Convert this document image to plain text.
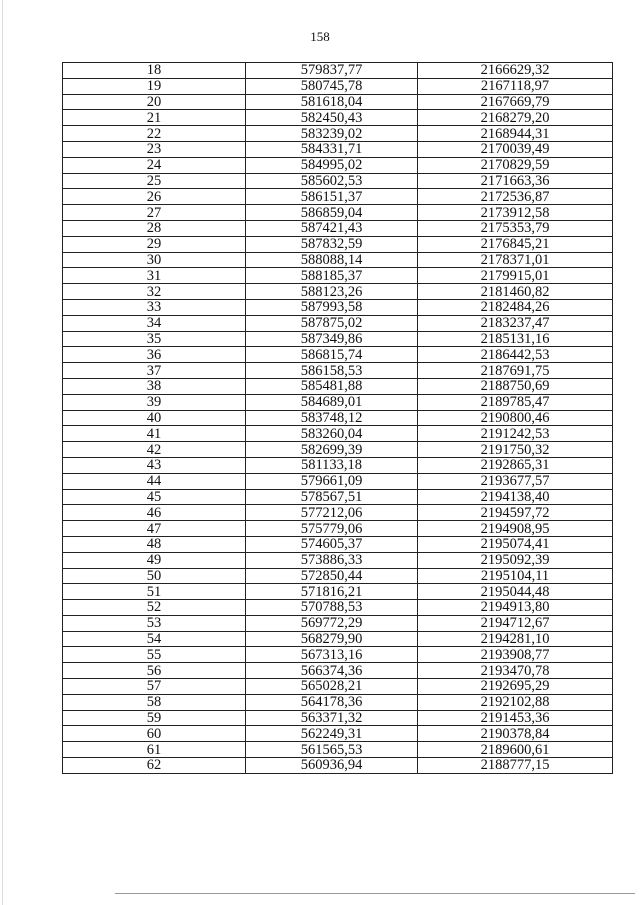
158
18	579837,77	2166629,32
19	580745,78	2167118,97
20	581618,04	2167669,79
21	582450,43	2168279,20
22	583239,02	2168944,31
23	584331,71	2170039,49
24	584995,02	2170829,59
25	585602,53	2171663,36
26	586151,37	2172536,87
27	586859,04	2173912,58
28	587421,43	2175353,79
29	587832,59	2176845,21
30	588088,14	2178371,01
31	588185,37	2179915,01
32	588123,26	2181460,82
33	587993,58	2182484,26
34	587875,02	2183237,47
35	587349,86	2185131,16
36	586815,74	2186442,53
37	586158,53	2187691,75
38	585481,88	2188750,69
39	584689,01	2189785,47
40	583748,12	2190800,46
41	583260,04	2191242,53
42	582699,39	2191750,32
43	581133,18	2192865,31
44	579661,09	2193677,57
45	578567,51	2194138,40
46	577212,06	2194597,72
47	575779,06	2194908,95
48	574605,37	2195074,41
49	573886,33	2195092,39
50	572850,44	2195104,11
51	571816,21	2195044,48
52	570788,53	2194913,80
53	569772,29	2194712,67
54	568279,90	2194281,10
55	567313,16	2193908,77
56	566374,36	2193470,78
57	565028,21	2192695,29
58	564178,36	2192102,88
59	563371,32	2191453,36
60	562249,31	2190378,84
61	561565,53	2189600,61
62	560936,94	2188777,15
